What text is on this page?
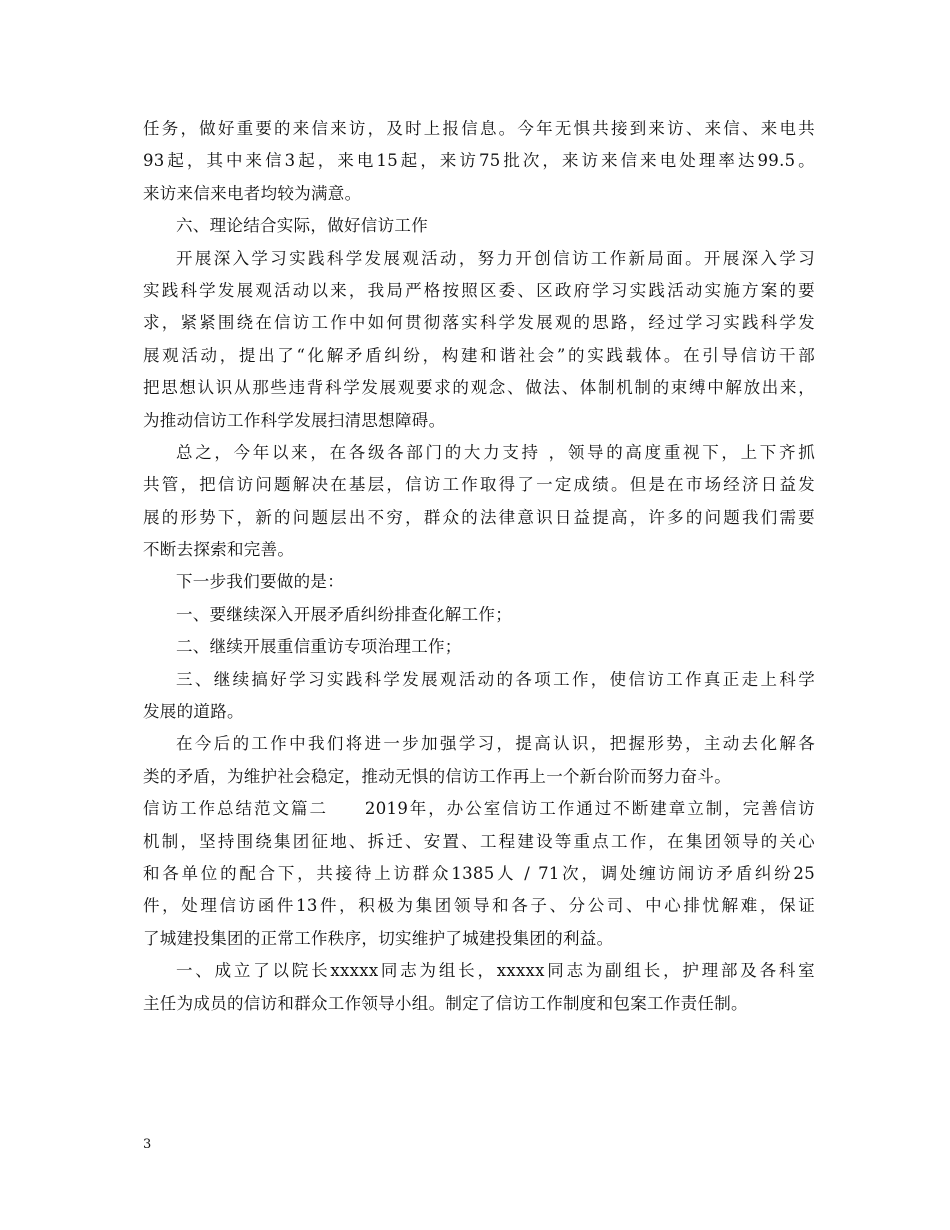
任务，做好重要的来信来访，及时上报信息。今年无惧共接到来访、来信、来电共
93起，其中来信3起，来电15起，来访75批次，来访来信来电处理率达99.5。
来访来信来电者均较为满意。
六、理论结合实际，做好信访工作
开展深入学习实践科学发展观活动，努力开创信访工作新局面。开展深入学习
实践科学发展观活动以来，我局严格按照区委、区政府学习实践活动实施方案的要
求，紧紧围绕在信访工作中如何贯彻落实科学发展观的思路，经过学习实践科学发
展观活动，提出了“化解矛盾纠纷，构建和谐社会”的实践载体。在引导信访干部
把思想认识从那些违背科学发展观要求的观念、做法、体制机制的束缚中解放出来，
为推动信访工作科学发展扫清思想障碍。
总之，今年以来，在各级各部门的大力支持 ，领导的高度重视下，上下齐抓
共管，把信访问题解决在基层，信访工作取得了一定成绩。但是在市场经济日益发
展的形势下，新的问题层出不穷，群众的法律意识日益提高，许多的问题我们需要
不断去探索和完善。
下一步我们要做的是：
一、要继续深入开展矛盾纠纷排查化解工作；
二、继续开展重信重访专项治理工作；
三、继续搞好学习实践科学发展观活动的各项工作，使信访工作真正走上科学
发展的道路。
在今后的工作中我们将进一步加强学习，提高认识，把握形势，主动去化解各
类的矛盾，为维护社会稳定，推动无惧的信访工作再上一个新台阶而努力奋斗。
信访工作总结范文篇二　　2019年，办公室信访工作通过不断建章立制，完善信访
机制，坚持围绕集团征地、拆迁、安置、工程建设等重点工作，在集团领导的关心
和各单位的配合下，共接待上访群众1385人 / 71次，调处缠访闹访矛盾纠纷25
件，处理信访函件13件，积极为集团领导和各子、分公司、中心排忧解难，保证
了城建投集团的正常工作秩序，切实维护了城建投集团的利益。
一、成立了以院长xxxxx同志为组长，xxxxx同志为副组长，护理部及各科室
主任为成员的信访和群众工作领导小组。制定了信访工作制度和包案工作责任制。
3
